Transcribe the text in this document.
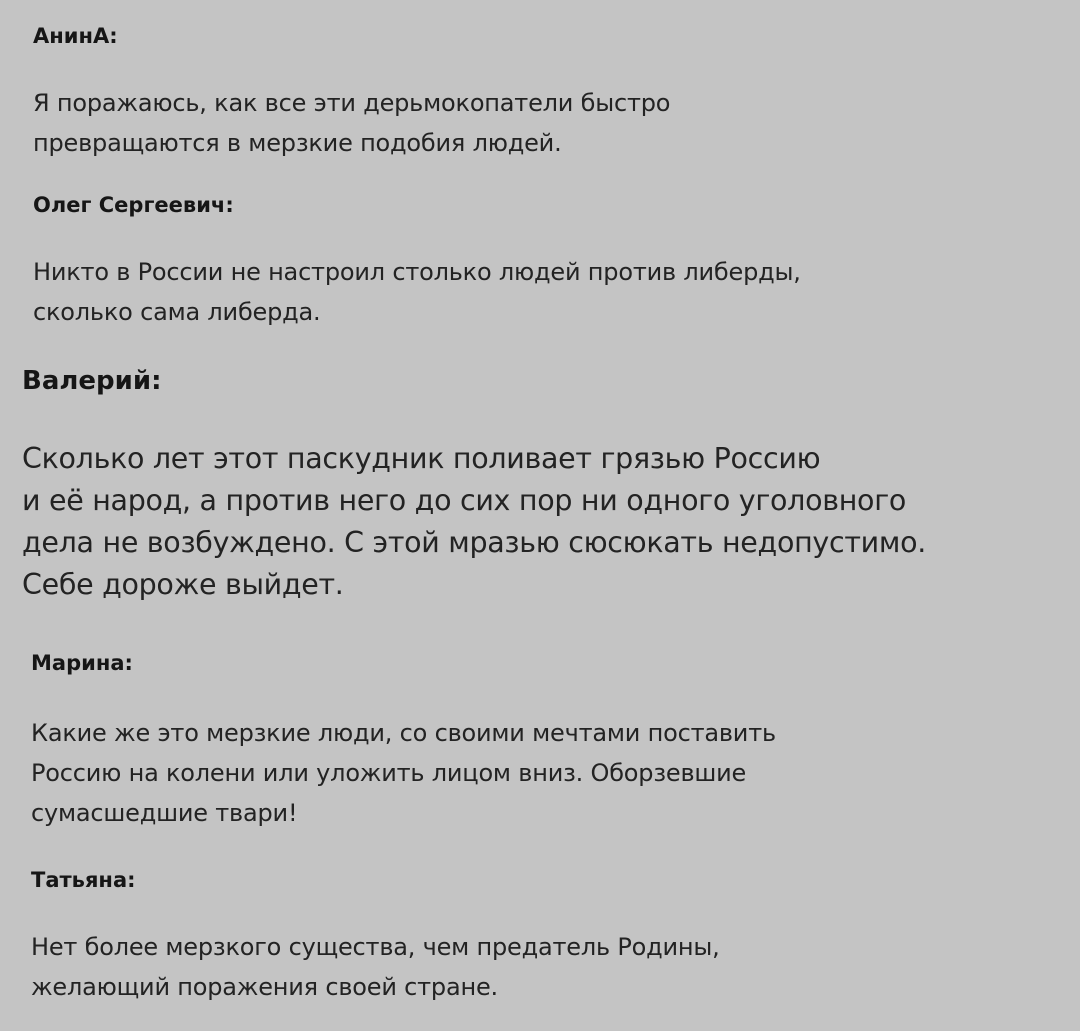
АнинА:
Я поражаюсь, как все эти дерьмокопатели быстро
превращаются в мерзкие подобия людей.
Олег Сергеевич:
Никто в России не настроил столько людей против либерды,
сколько сама либерда.
Валерий:
Сколько лет этот паскудник поливает грязью Россию
и её народ, а против него до сих пор ни одного уголовного
дела не возбуждено. С этой мразью сюсюкать недопустимо.
Себе дороже выйдет.
Марина:
Какие же это мерзкие люди, со своими мечтами поставить
Россию на колени или уложить лицом вниз. Оборзевшие
сумасшедшие твари!
Татьяна:
Нет более мерзкого существа, чем предатель Родины,
желающий поражения своей стране.
